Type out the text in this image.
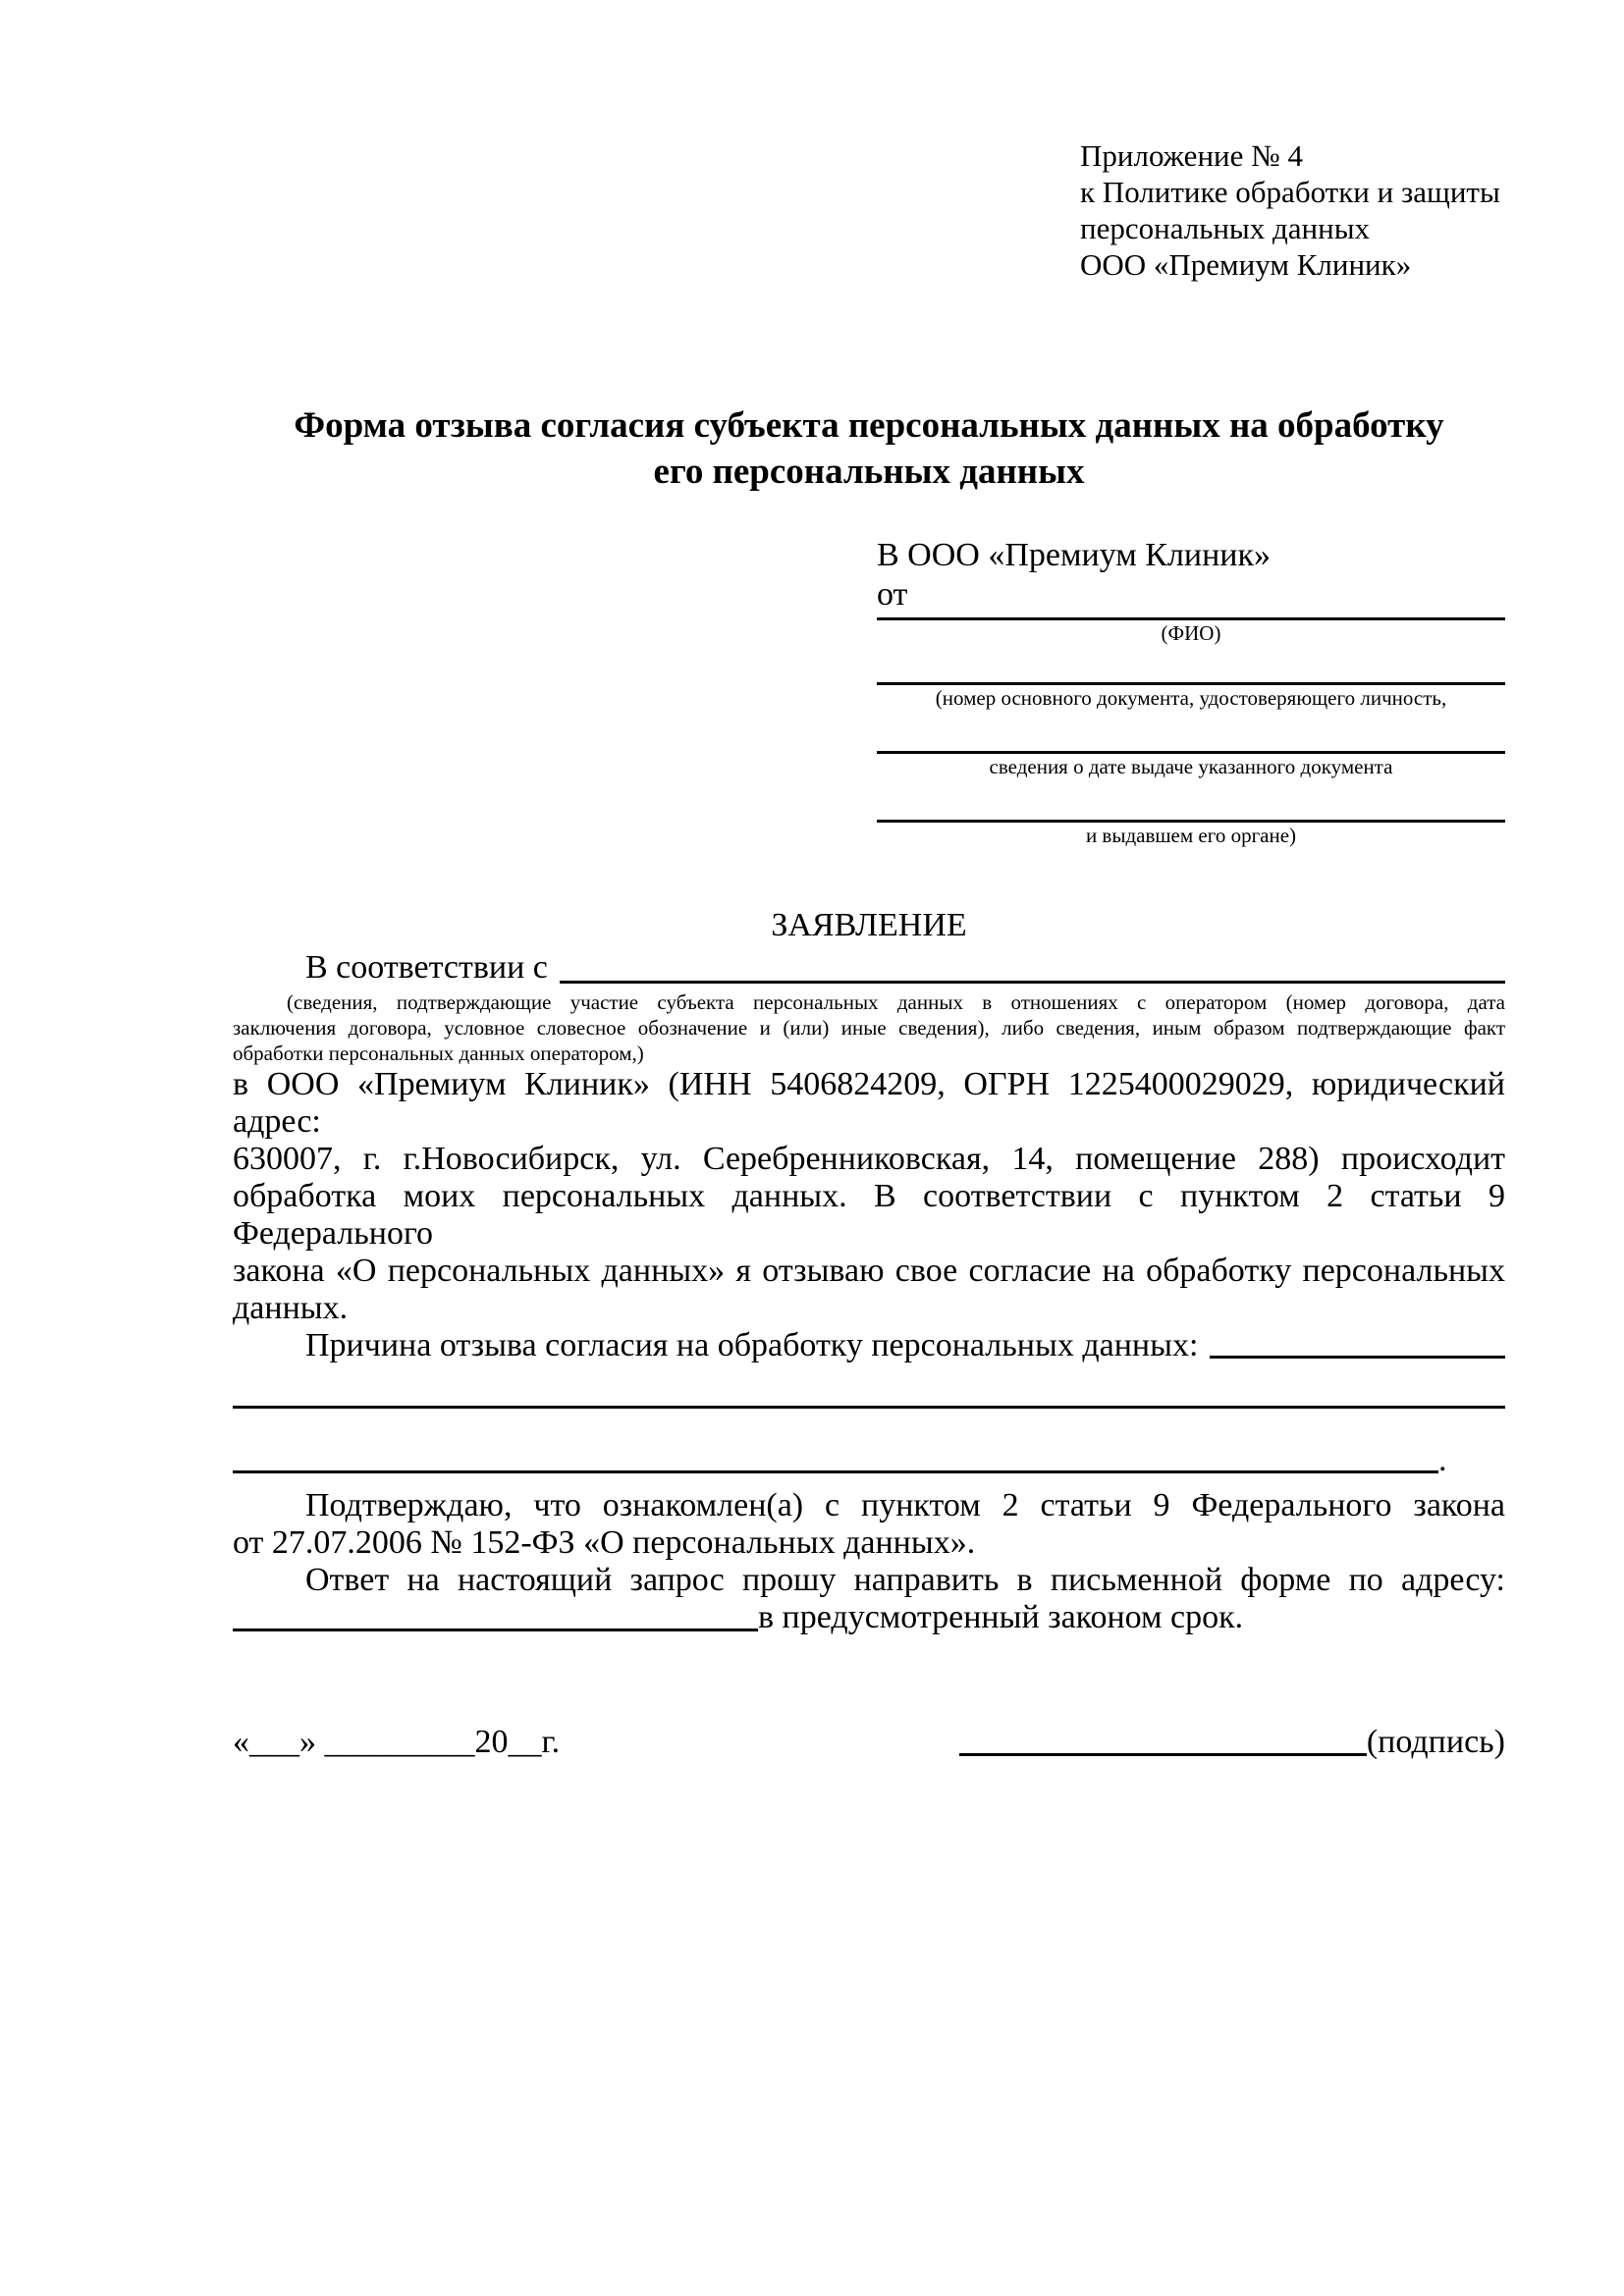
Приложение № 4
к Политике обработки и защиты
персональных данных
ООО «Премиум Клиник»
Форма отзыва согласия субъекта персональных данных на обработку
его персональных данных
В ООО «Премиум Клиник»
от
(ФИО)
(номер основного документа, удостоверяющего личность,
сведения о дате выдаче указанного документа
и выдавшем его органе)
ЗАЯВЛЕНИЕ
В соответствии с
(сведения, подтверждающие участие субъекта персональных данных в отношениях с оператором (номер договора, дата
заключения договора, условное словесное обозначение и (или) иные сведения), либо сведения, иным образом подтверждающие факт
обработки персональных данных оператором,)
в ООО «Премиум Клиник» (ИНН 5406824209, ОГРН 1225400029029, юридический адрес:
630007, г. г.Новосибирск, ул. Серебренниковская, 14, помещение 288) происходит
обработка моих персональных данных. В соответствии с пунктом 2 статьи 9 Федерального
закона «О персональных данных» я отзываю свое согласие на обработку персональных
данных.
Причина отзыва согласия на обработку персональных данных:
.
Подтверждаю, что ознакомлен(а) с пунктом 2 статьи 9 Федерального закона
от 27.07.2006 № 152-ФЗ «О персональных данных».
Ответ на настоящий запрос прошу направить в письменной форме по адресу:
в предусмотренный законом срок.
«___» _________20__г.	(подпись)
